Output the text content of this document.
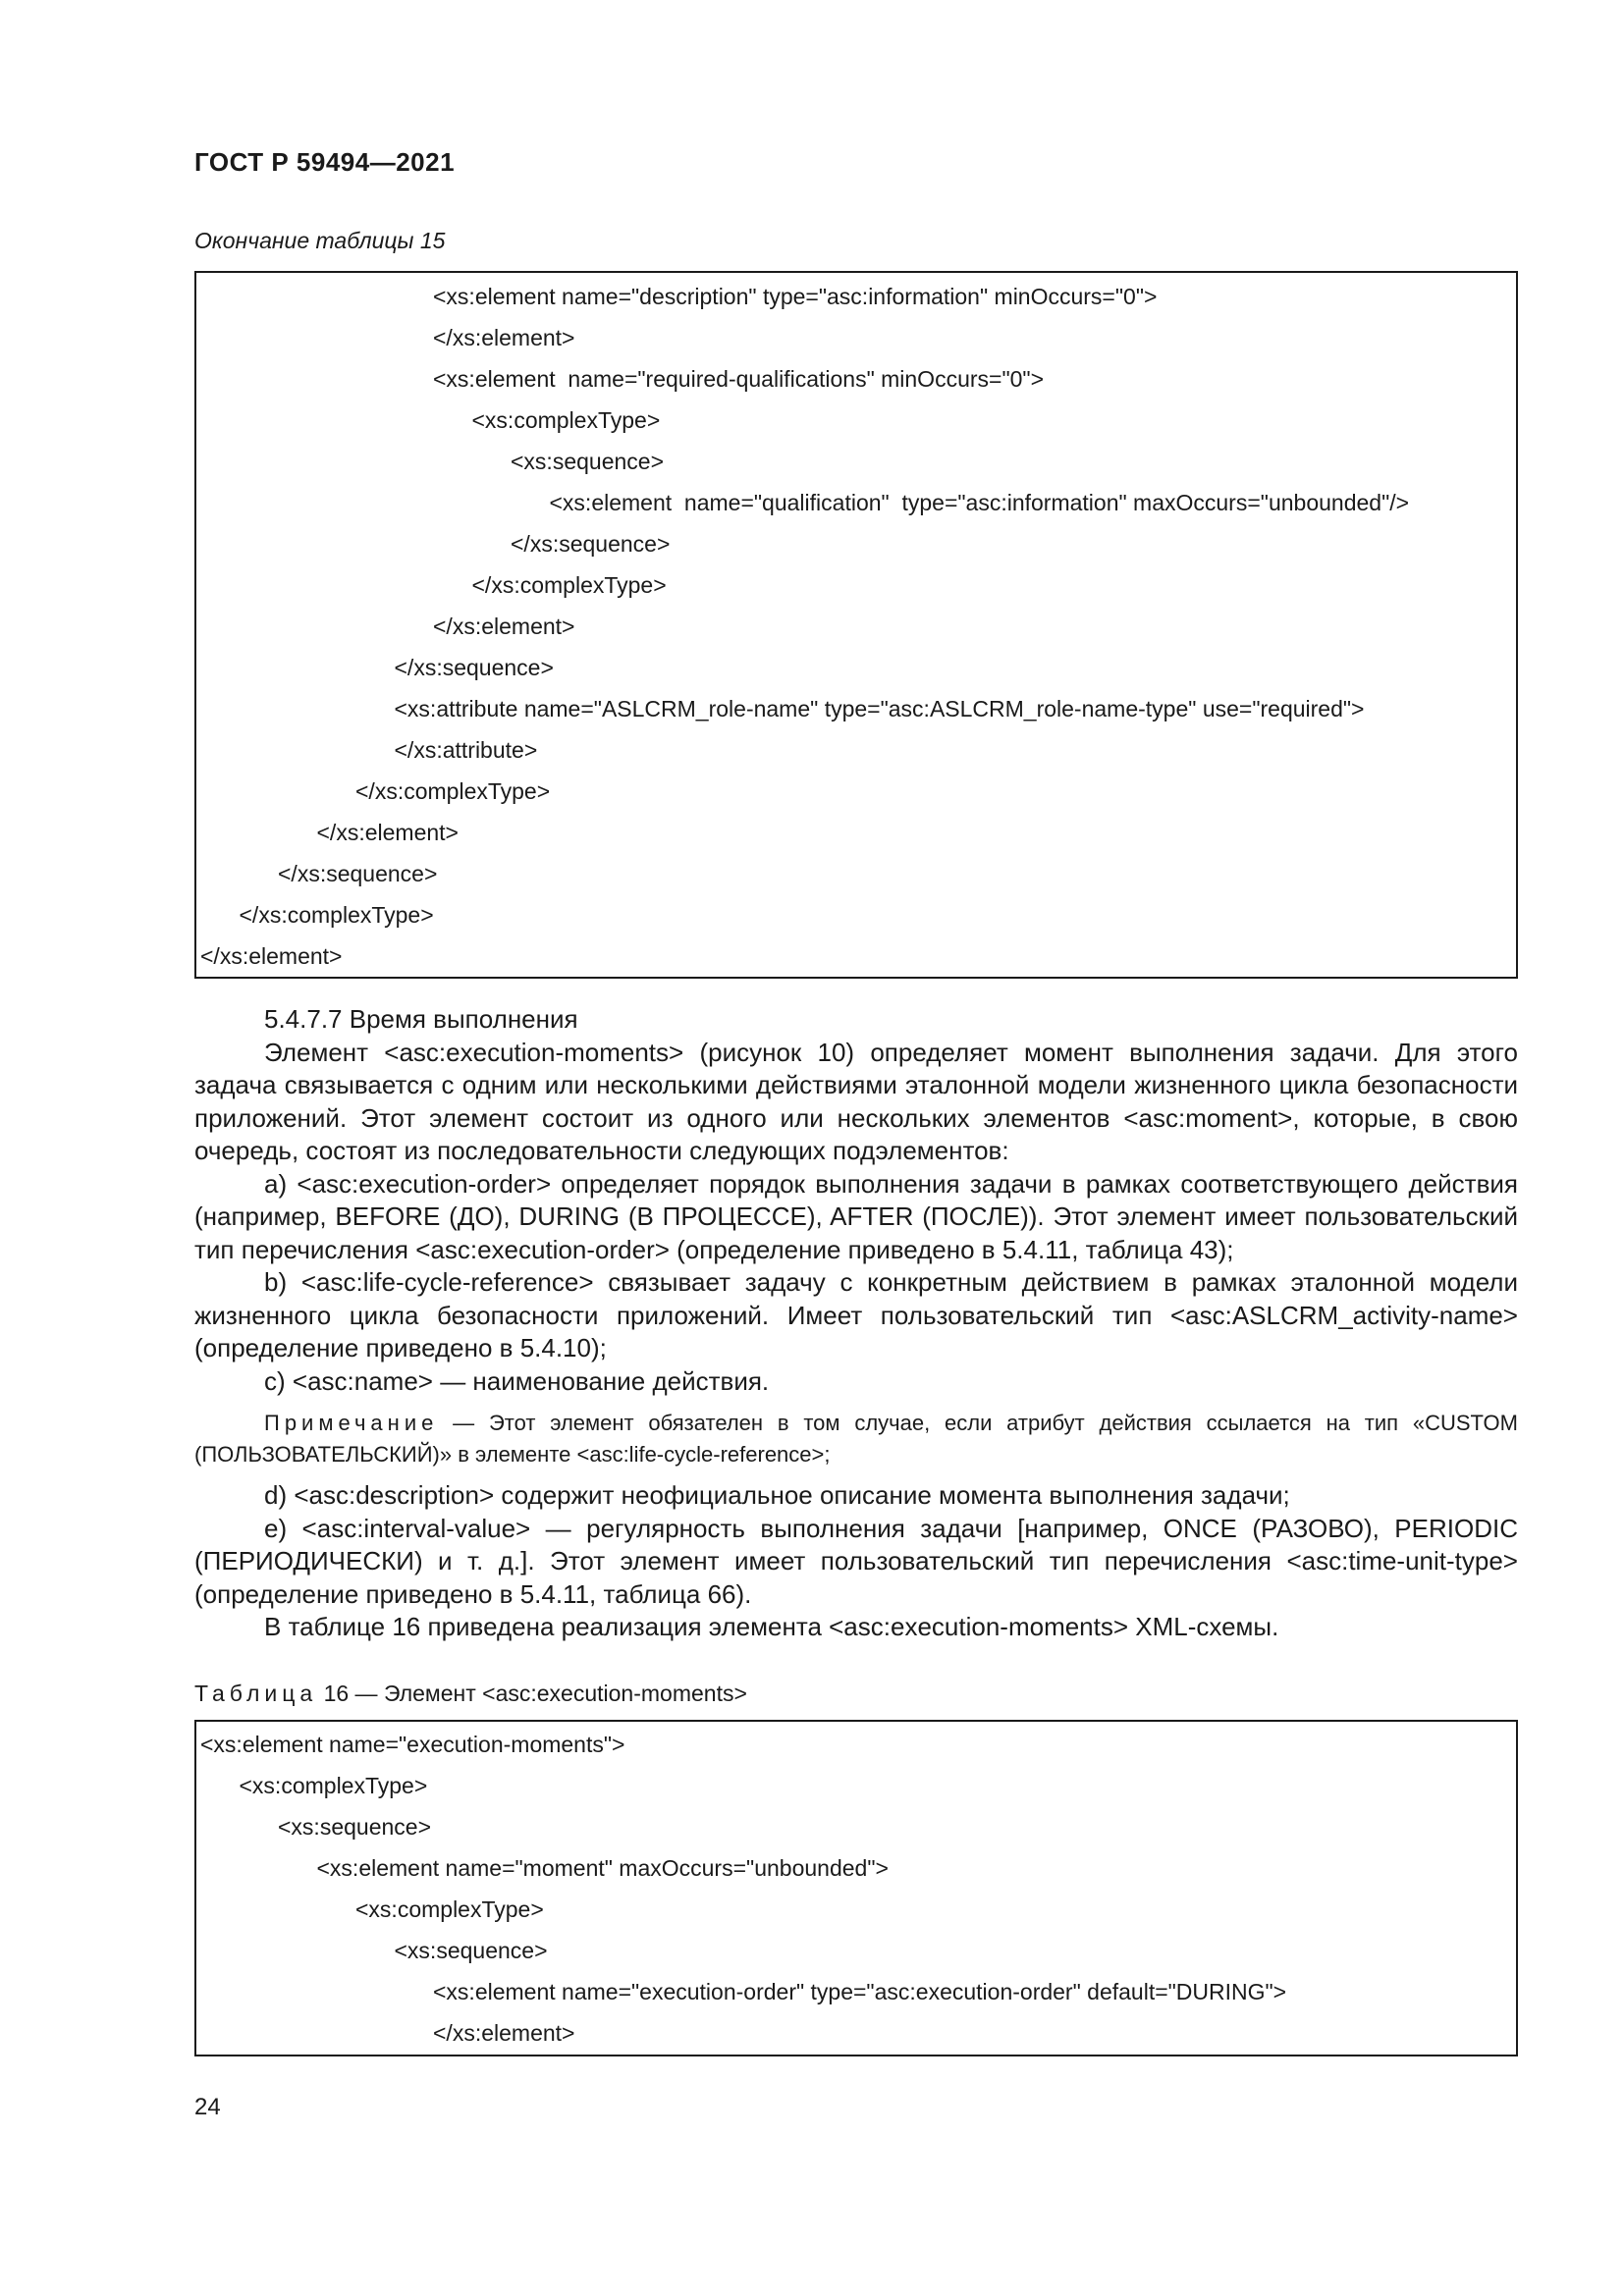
ГОСТ Р 59494—2021
Окончание таблицы 15
<xs:element name="description" type="asc:information" minOccurs="0">
</xs:element>
<xs:element  name="required-qualifications" minOccurs="0">
<xs:complexType>
<xs:sequence>
<xs:element  name="qualification"  type="asc:information" maxOccurs="unbounded"/>
</xs:sequence>
</xs:complexType>
</xs:element>
</xs:sequence>
<xs:attribute name="ASLCRM_role-name" type="asc:ASLCRM_role-name-type" use="required">
</xs:attribute>
</xs:complexType>
</xs:element>
</xs:sequence>
</xs:complexType>
</xs:element>

5.4.7.7 Время выполнения

Элемент <asc:execution-moments> (рисунок 10) определяет момент выполнения задачи. Для этого задача связывается с одним или несколькими действиями эталонной модели жизненного цикла безопасности приложений. Этот элемент состоит из одного или нескольких элементов <asc:moment>, которые, в свою очередь, состоят из последовательности следующих подэлементов:

a) <asc:execution-order> определяет порядок выполнения задачи в рамках соответствующего действия (например, BEFORE (ДО), DURING (В ПРОЦЕССЕ), AFTER (ПОСЛЕ)). Этот элемент имеет пользовательский тип перечисления <asc:execution-order> (определение приведено в 5.4.11, таблица 43);

b) <asc:life-cycle-reference> связывает задачу с конкретным действием в рамках эталонной модели жизненного цикла безопасности приложений. Имеет пользовательский тип <asc:ASLCRM_activity-name> (определение приведено в 5.4.10);

c) <asc:name> — наименование действия.

Примечание — Этот элемент обязателен в том случае, если атрибут действия ссылается на тип «CUSTOM (ПОЛЬЗОВАТЕЛЬСКИЙ)» в элементе <asc:life-cycle-reference>;

d) <asc:description> содержит неофициальное описание момента выполнения задачи;

e) <asc:interval-value> — регулярность выполнения задачи [например, ONCE (РАЗОВО), PERIODIC (ПЕРИОДИЧЕСКИ) и т. д.]. Этот элемент имеет пользовательский тип перечисления <asc:time-unit-type> (определение приведено в 5.4.11, таблица 66).

В таблице 16 приведена реализация элемента <asc:execution-moments> XML-схемы.

Таблица 16 — Элемент <asc:execution-moments>
<xs:element name="execution-moments">
<xs:complexType>
<xs:sequence>
<xs:element name="moment" maxOccurs="unbounded">
<xs:complexType>
<xs:sequence>
<xs:element name="execution-order" type="asc:execution-order" default="DURING">
</xs:element>
24
